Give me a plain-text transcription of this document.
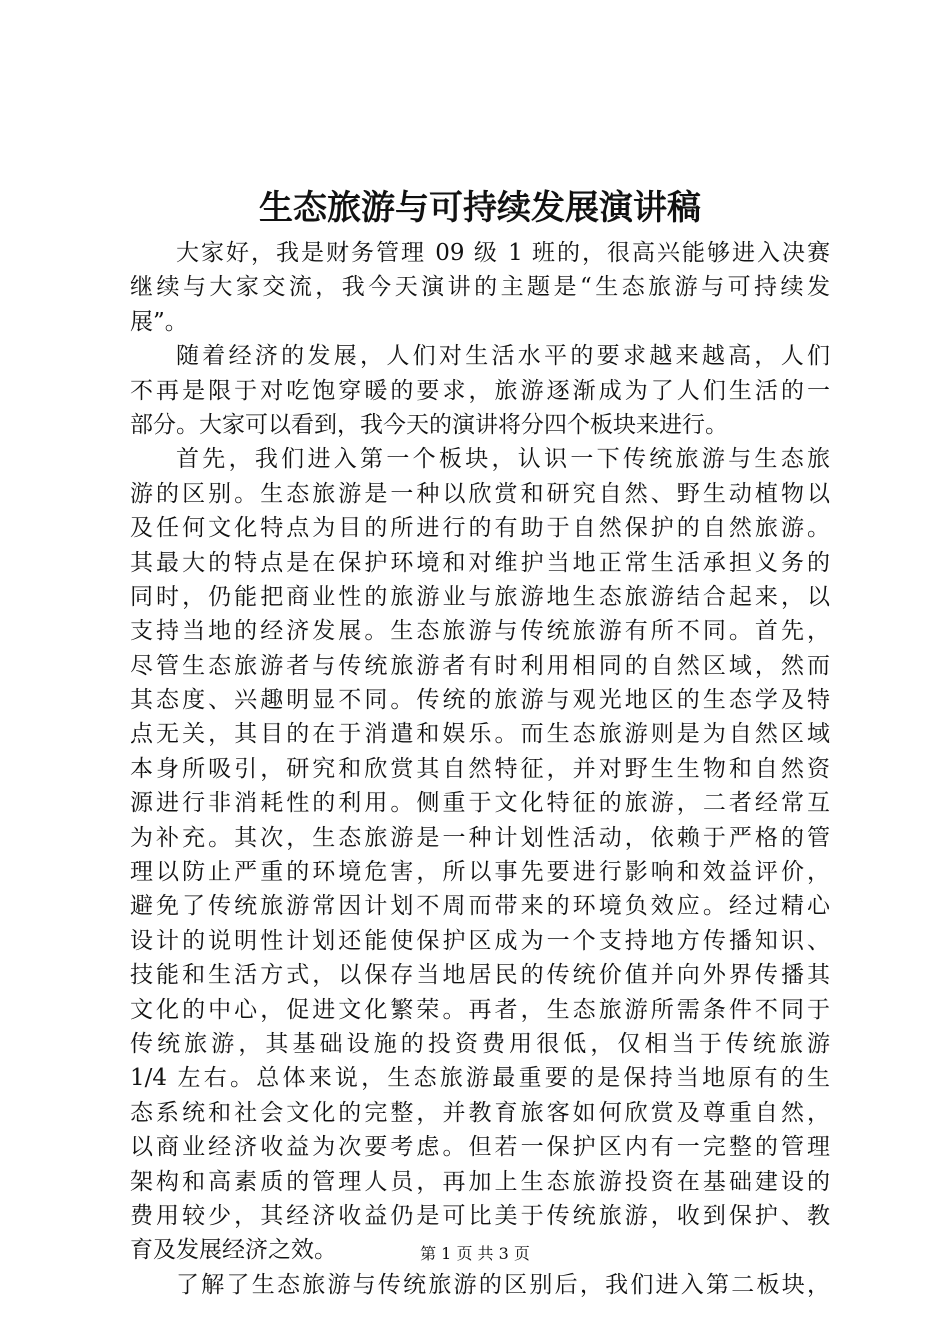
生态旅游与可持续发展演讲稿
大家好，我是财务管理 09 级 1 班的，很高兴能够进入决赛
继续与大家交流，我今天演讲的主题是“生态旅游与可持续发
展”。
随着经济的发展，人们对生活水平的要求越来越高，人们
不再是限于对吃饱穿暖的要求，旅游逐渐成为了人们生活的一
部分。大家可以看到，我今天的演讲将分四个板块来进行。
首先，我们进入第一个板块，认识一下传统旅游与生态旅
游的区别。生态旅游是一种以欣赏和研究自然、野生动植物以
及任何文化特点为目的所进行的有助于自然保护的自然旅游。
其最大的特点是在保护环境和对维护当地正常生活承担义务的
同时，仍能把商业性的旅游业与旅游地生态旅游结合起来，以
支持当地的经济发展。生态旅游与传统旅游有所不同。首先，
尽管生态旅游者与传统旅游者有时利用相同的自然区域，然而
其态度、兴趣明显不同。传统的旅游与观光地区的生态学及特
点无关，其目的在于消遣和娱乐。而生态旅游则是为自然区域
本身所吸引，研究和欣赏其自然特征，并对野生生物和自然资
源进行非消耗性的利用。侧重于文化特征的旅游，二者经常互
为补充。其次，生态旅游是一种计划性活动，依赖于严格的管
理以防止严重的环境危害，所以事先要进行影响和效益评价，
避免了传统旅游常因计划不周而带来的环境负效应。经过精心
设计的说明性计划还能使保护区成为一个支持地方传播知识、
技能和生活方式，以保存当地居民的传统价值并向外界传播其
文化的中心，促进文化繁荣。再者，生态旅游所需条件不同于
传统旅游，其基础设施的投资费用很低，仅相当于传统旅游
1/4 左右。总体来说，生态旅游最重要的是保持当地原有的生
态系统和社会文化的完整，并教育旅客如何欣赏及尊重自然，
以商业经济收益为次要考虑。但若一保护区内有一完整的管理
架构和高素质的管理人员，再加上生态旅游投资在基础建设的
费用较少，其经济收益仍是可比美于传统旅游，收到保护、教
育及发展经济之效。
了解了生态旅游与传统旅游的区别后，我们进入第二板块，
第 1 页 共 3 页
